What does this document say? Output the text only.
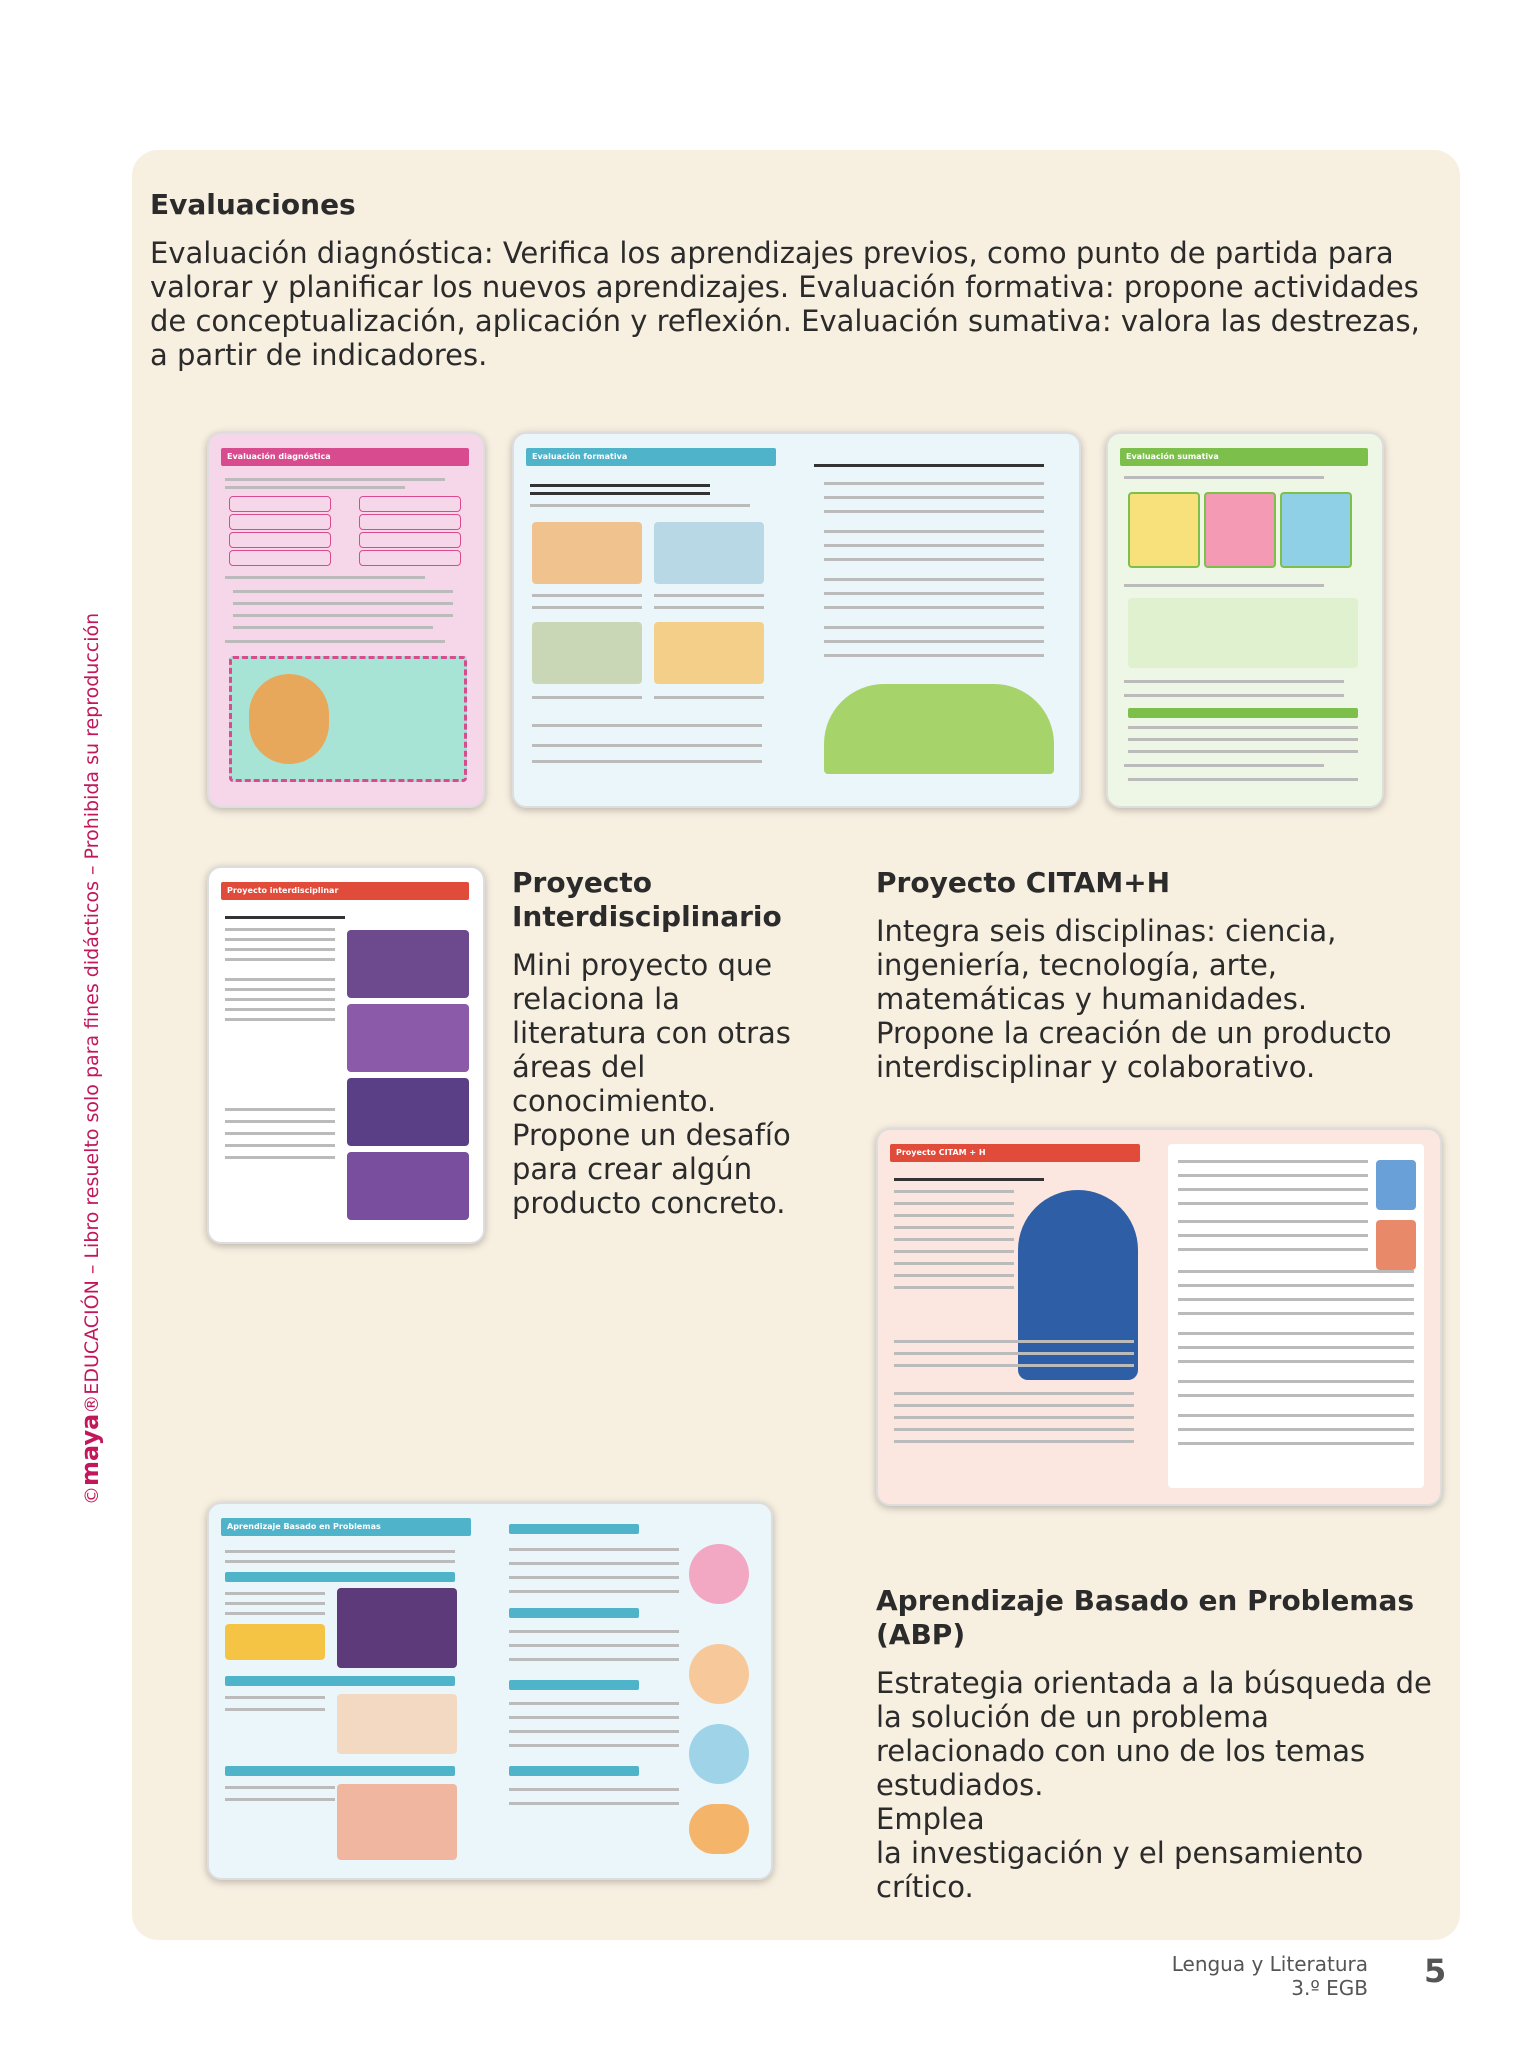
©maya®EDUCACIÓN – Libro resuelto solo para fines didácticos – Prohibida su reproducción
Evaluaciones
Evaluación diagnóstica: Verifica los aprendizajes previos, como punto de partida para valorar y planificar los nuevos aprendizajes. Evaluación formativa: propone actividades de conceptualización, aplicación y reflexión. Evaluación sumativa: valora las destrezas, a partir de indicadores.
Evaluación diagnóstica	Evaluación formativa	Evaluación sumativa
Proyecto interdisciplinar	Proyecto
Interdisciplinario
Mini proyecto que relaciona la literatura con otras áreas del conocimiento. Propone un desafío para crear algún producto concreto.
Proyecto CITAM+H
Integra seis disciplinas: ciencia, ingeniería, tecnología, arte, matemáticas y humanidades. Propone la creación de un producto interdisciplinar y colaborativo.
Proyecto CITAM + H
Aprendizaje Basado en Problemas
Aprendizaje Basado en Problemas
(ABP)
Estrategia orientada a la búsqueda de la solución de un problema relacionado con uno de los temas estudiados.
Emplea
la investigación y el pensamiento crítico.
Lengua y Literatura
3.º EGB 5
